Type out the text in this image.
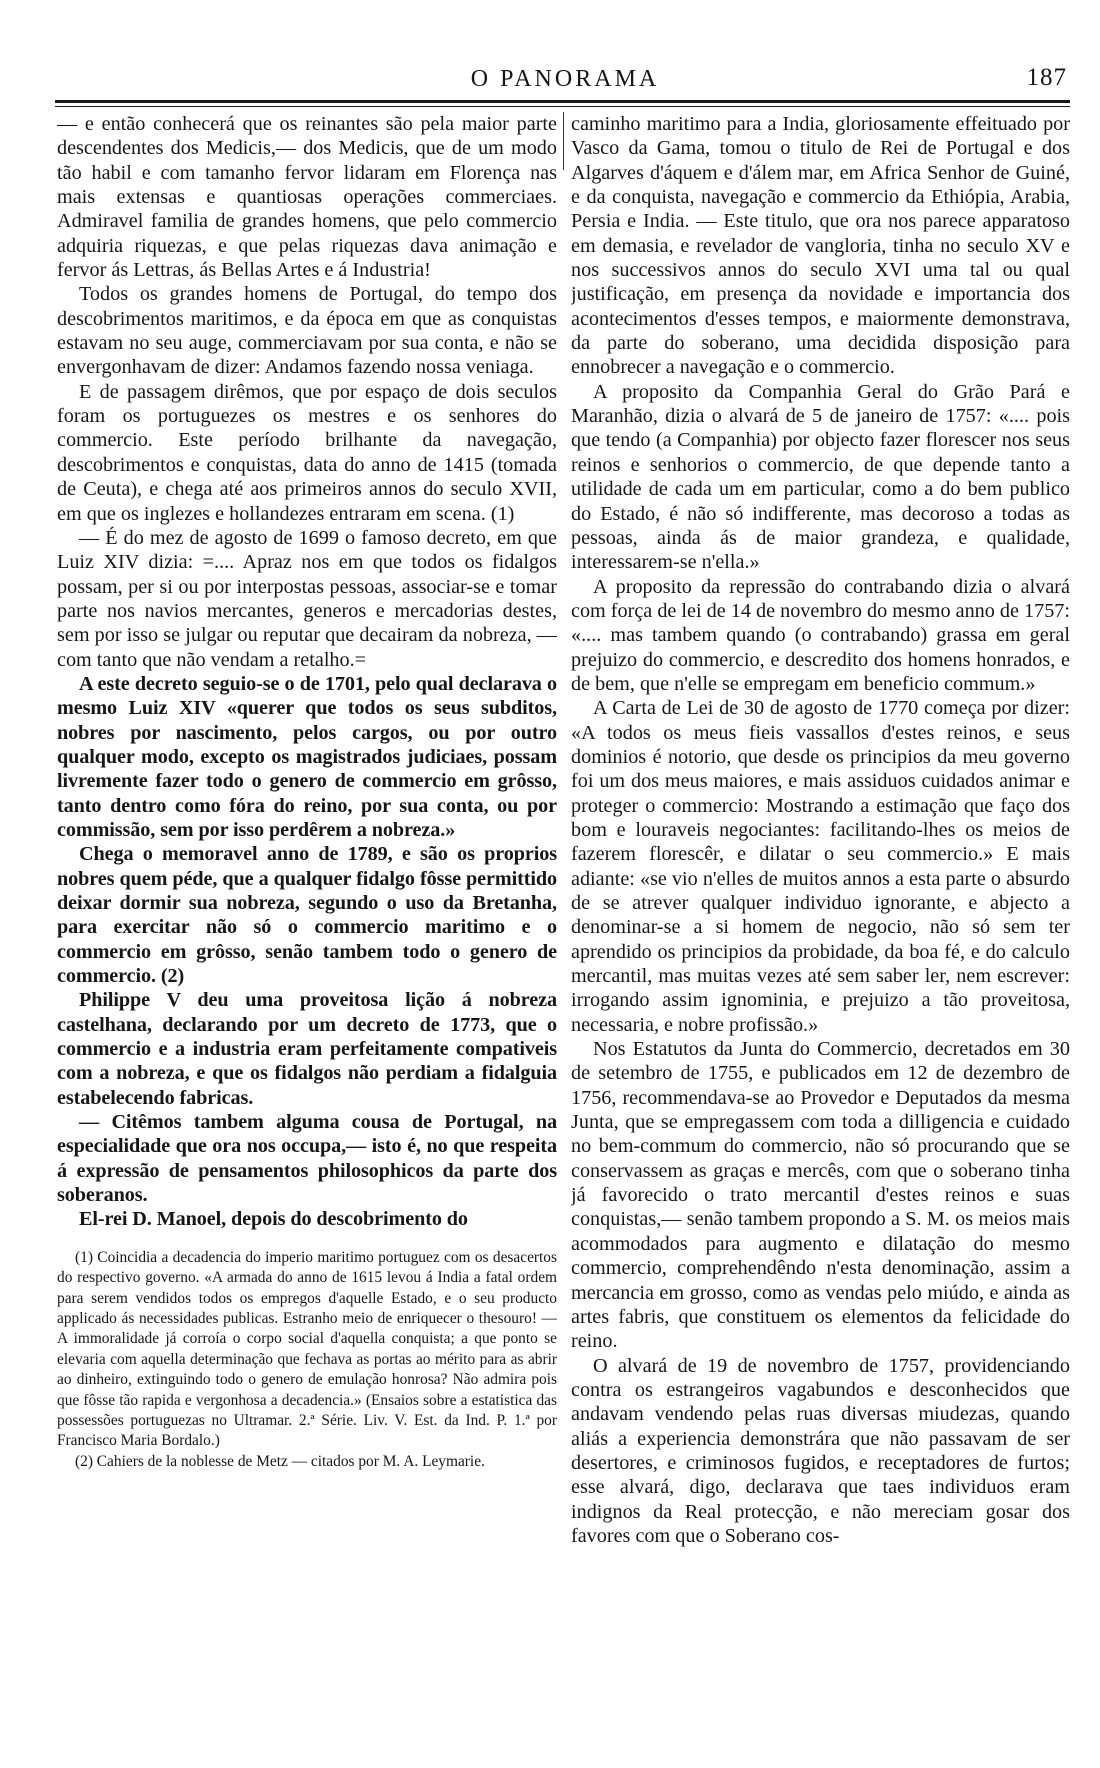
O PANORAMA	187

— e então conhecerá que os reinantes são pela maior parte descendentes dos Medicis,— dos Medicis, que de um modo tão habil e com tamanho fervor lidaram em Florença nas mais extensas e quantiosas operações commerciaes. Admiravel familia de grandes homens, que pelo commercio adquiria riquezas, e que pelas riquezas dava animação e fervor ás Lettras, ás Bellas Artes e á Industria!

Todos os grandes homens de Portugal, do tempo dos descobrimentos maritimos, e da época em que as conquistas estavam no seu auge, commerciavam por sua conta, e não se envergonhavam de dizer: Andamos fazendo nossa veniaga.

E de passagem dirêmos, que por espaço de dois seculos foram os portuguezes os mestres e os senhores do commercio. Este período brilhante da navegação, descobrimentos e conquistas, data do anno de 1415 (tomada de Ceuta), e chega até aos primeiros annos do seculo XVII, em que os inglezes e hollandezes entraram em scena. (1)

— É do mez de agosto de 1699 o famoso decreto, em que Luiz XIV dizia: =.... Apraz nos em que todos os fidalgos possam, per si ou por interpostas pessoas, associar-se e tomar parte nos navios mercantes, generos e mercadorias destes, sem por isso se julgar ou reputar que decairam da nobreza, — com tanto que não vendam a retalho.=

A este decreto seguio-se o de 1701, pelo qual declarava o mesmo Luiz XIV «querer que todos os seus subditos, nobres por nascimento, pelos cargos, ou por outro qualquer modo, excepto os magistrados judiciaes, possam livremente fazer todo o genero de commercio em grôsso, tanto dentro como fóra do reino, por sua conta, ou por commissão, sem por isso perdêrem a nobreza.»

Chega o memoravel anno de 1789, e são os proprios nobres quem péde, que a qualquer fidalgo fôsse permittido deixar dormir sua nobreza, segundo o uso da Bretanha, para exercitar não só o commercio maritimo e o commercio em grôsso, senão tambem todo o genero de commercio. (2)

Philippe V deu uma proveitosa lição á nobreza castelhana, declarando por um decreto de 1773, que o commercio e a industria eram perfeitamente compativeis com a nobreza, e que os fidalgos não perdiam a fidalguia estabelecendo fabricas.

— Citêmos tambem alguma cousa de Portugal, na especialidade que ora nos occupa,— isto é, no que respeita á expressão de pensamentos philosophicos da parte dos soberanos.

El-rei D. Manoel, depois do descobrimento do

(1) Coincidia a decadencia do imperio maritimo portuguez com os desacertos do respectivo governo. «A armada do anno de 1615 levou á India a fatal ordem para serem vendidos todos os empregos d'aquelle Estado, e o seu producto applicado ás necessidades publicas. Estranho meio de enriquecer o thesouro! — A immoralidade já corroía o corpo social d'aquella conquista; a que ponto se elevaria com aquella determinação que fechava as portas ao mérito para as abrir ao dinheiro, extinguindo todo o genero de emulação honrosa? Não admira pois que fôsse tão rapida e vergonhosa a decadencia.» (Ensaios sobre a estatistica das possessões portuguezas no Ultramar. 2.ª Série. Liv. V. Est. da Ind. P. 1.ª por Francisco Maria Bordalo.)

(2) Cahiers de la noblesse de Metz — citados por M. A. Leymarie.

caminho maritimo para a India, gloriosamente effeituado por Vasco da Gama, tomou o titulo de Rei de Portugal e dos Algarves d'áquem e d'álem mar, em Africa Senhor de Guiné, e da conquista, navegação e commercio da Ethiópia, Arabia, Persia e India. — Este titulo, que ora nos parece apparatoso em demasia, e revelador de vangloria, tinha no seculo XV e nos successivos annos do seculo XVI uma tal ou qual justificação, em presença da novidade e importancia dos acontecimentos d'esses tempos, e maiormente demonstrava, da parte do soberano, uma decidida disposição para ennobrecer a navegação e o commercio.

A proposito da Companhia Geral do Grão Pará e Maranhão, dizia o alvará de 5 de janeiro de 1757: «.... pois que tendo (a Companhia) por objecto fazer florescer nos seus reinos e senhorios o commercio, de que depende tanto a utilidade de cada um em particular, como a do bem publico do Estado, é não só indifferente, mas decoroso a todas as pessoas, ainda ás de maior grandeza, e qualidade, interessarem-se n'ella.»

A proposito da repressão do contrabando dizia o alvará com força de lei de 14 de novembro do mesmo anno de 1757: «.... mas tambem quando (o contrabando) grassa em geral prejuizo do commercio, e descredito dos homens honrados, e de bem, que n'elle se empregam em beneficio commum.»

A Carta de Lei de 30 de agosto de 1770 começa por dizer: «A todos os meus fieis vassallos d'estes reinos, e seus dominios é notorio, que desde os principios da meu governo foi um dos meus maiores, e mais assiduos cuidados animar e proteger o commercio: Mostrando a estimação que faço dos bom e louraveis negociantes: facilitando-lhes os meios de fazerem florescêr, e dilatar o seu commercio.» E mais adiante: «se vio n'elles de muitos annos a esta parte o absurdo de se atrever qualquer individuo ignorante, e abjecto a denominar-se a si homem de negocio, não só sem ter aprendido os principios da probidade, da boa fé, e do calculo mercantil, mas muitas vezes até sem saber ler, nem escrever: irrogando assim ignominia, e prejuizo a tão proveitosa, necessaria, e nobre profissão.»

Nos Estatutos da Junta do Commercio, decretados em 30 de setembro de 1755, e publicados em 12 de dezembro de 1756, recommendava-se ao Provedor e Deputados da mesma Junta, que se empregassem com toda a dilligencia e cuidado no bem-commum do commercio, não só procurando que se conservassem as graças e mercês, com que o soberano tinha já favorecido o trato mercantil d'estes reinos e suas conquistas,— senão tambem propondo a S. M. os meios mais acommodados para augmento e dilatação do mesmo commercio, comprehendêndo n'esta denominação, assim a mercancia em grosso, como as vendas pelo miúdo, e ainda as artes fabris, que constituem os elementos da felicidade do reino.

O alvará de 19 de novembro de 1757, providenciando contra os estrangeiros vagabundos e desconhecidos que andavam vendendo pelas ruas diversas miudezas, quando aliás a experiencia demonstrára que não passavam de ser desertores, e criminosos fugidos, e receptadores de furtos; esse alvará, digo, declarava que taes individuos eram indignos da Real protecção, e não mereciam gosar dos favores com que o Soberano cos-
